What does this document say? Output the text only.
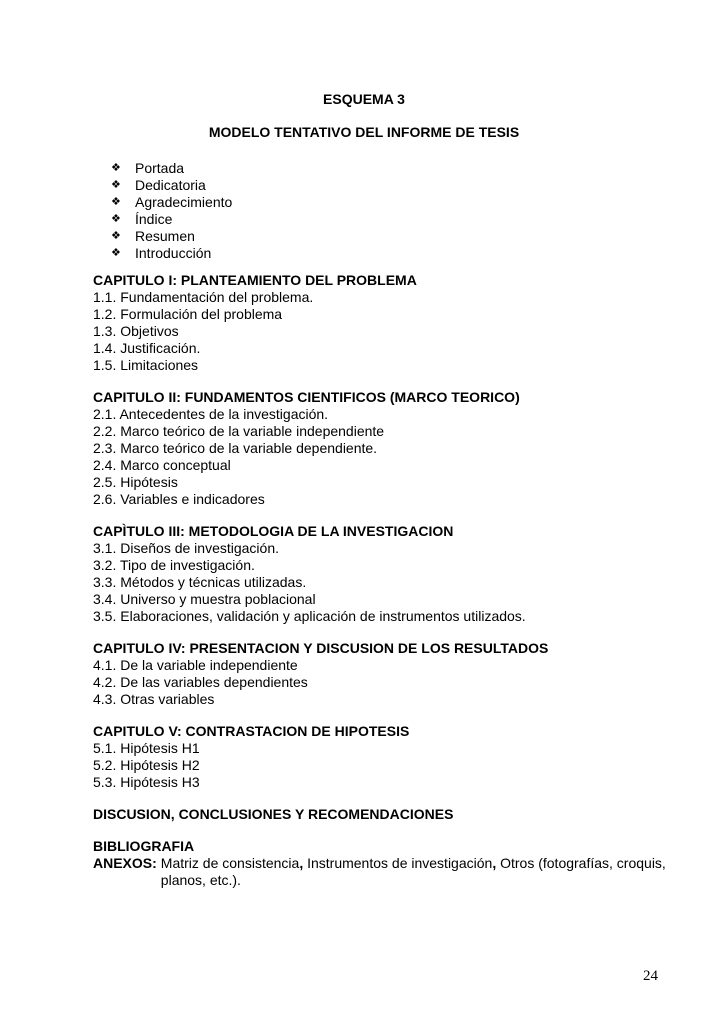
ESQUEMA 3
MODELO TENTATIVO DEL INFORME DE TESIS
❖	Portada
❖	Dedicatoria
❖	Agradecimiento
❖	Índice
❖	Resumen
❖	Introducción
CAPITULO I: PLANTEAMIENTO DEL PROBLEMA
1.1. Fundamentación del problema.
1.2. Formulación del problema
1.3. Objetivos
1.4. Justificación.
1.5. Limitaciones
CAPITULO II: FUNDAMENTOS CIENTIFICOS (MARCO TEORICO)
2.1. Antecedentes de la investigación.
2.2. Marco teórico de la variable independiente
2.3. Marco teórico de la variable dependiente.
2.4. Marco conceptual
2.5. Hipótesis
2.6. Variables e indicadores
CAPÌTULO III: METODOLOGIA DE LA INVESTIGACION
3.1. Diseños de investigación.
3.2. Tipo de investigación.
3.3. Métodos y técnicas utilizadas.
3.4. Universo y muestra poblacional
3.5. Elaboraciones, validación y aplicación de instrumentos utilizados.
CAPITULO IV: PRESENTACION Y DISCUSION DE LOS RESULTADOS
4.1. De la variable independiente
4.2. De las variables dependientes
4.3. Otras variables
CAPITULO V: CONTRASTACION DE HIPOTESIS
5.1. Hipótesis H1
5.2. Hipótesis H2
5.3. Hipótesis H3
DISCUSION, CONCLUSIONES Y RECOMENDACIONES
BIBLIOGRAFIA
ANEXOS: Matriz de consistencia, Instrumentos de investigación, Otros (fotografías, croquis, planos, etc.).
24
